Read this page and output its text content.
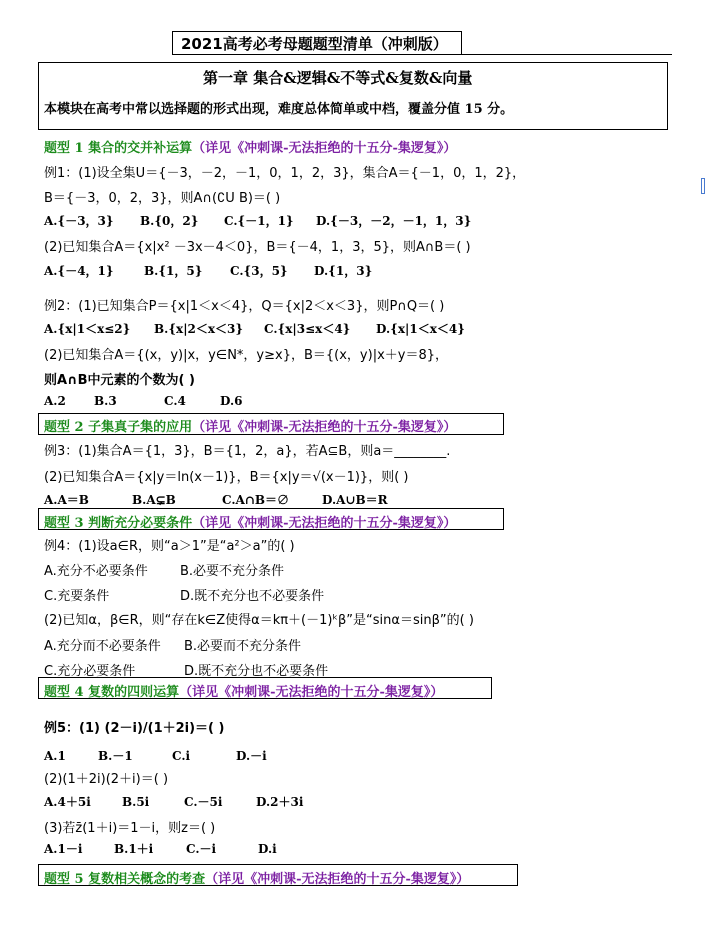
2021高考必考母题题型清单（冲刺版）
第一章 集合&逻辑&不等式&复数&向量
本模块在高考中常以选择题的形式出现，难度总体简单或中档，覆盖分值 15 分。
题型 1 集合的交并补运算（详见《冲刺课-无法拒绝的十五分-集逻复》）
例1：(1)设全集U＝{－3，－2，－1，0，1，2，3}，集合A＝{－1，0，1，2}，
B＝{－3，0，2，3}，则A∩(∁U B)＝( )
A.{－3，3} B.{0，2} C.{－1，1} D.{－3，－2，－1，1，3}
(2)已知集合A＝{x|x² －3x－4＜0}，B＝{－4，1，3，5}，则A∩B＝( )
A.{－4，1}	B.{1，5} C.{3，5} D.{1，3}
例2：(1)已知集合P＝{x|1＜x＜4}，Q＝{x|2＜x＜3}，则P∩Q＝( )
A.{x|1＜x≤2} B.{x|2＜x＜3} C.{x|3≤x＜4} D.{x|1＜x＜4}
(2)已知集合A＝{(x，y)|x，y∈N*，y≥x}，B＝{(x，y)|x＋y＝8}，
则A∩B中元素的个数为( )
A.2 B.3	C.4	D.6
题型 2 子集真子集的应用（详见《冲刺课-无法拒绝的十五分-集逻复》）
例3：(1)集合A＝{1，3}，B＝{1，2，a}，若A⊆B，则a＝________.
(2)已知集合A＝{x|y＝ln(x－1)}，B＝{x|y＝√(x－1)}，则( )
A.A＝B	B.A⊊B	C.A∩B＝∅	D.A∪B＝R
题型 3 判断充分必要条件（详见《冲刺课-无法拒绝的十五分-集逻复》）
例4：(1)设a∈R，则“a＞1”是“a²＞a”的( )
A.充分不必要条件 B.必要不充分条件
C.充要条件	D.既不充分也不必要条件
(2)已知α，β∈R，则“存在k∈Z使得α＝kπ＋(－1)ᵏβ”是“sinα＝sinβ”的( )
A.充分而不必要条件 B.必要而不充分条件
C.充分必要条件	D.既不充分也不必要条件
题型 4 复数的四则运算（详见《冲刺课-无法拒绝的十五分-集逻复》）
例5：(1) (2－i)/(1＋2i)＝( )
A.1	B.－1	C.i	D.－i
(2)(1＋2i)(2＋i)＝( )
A.4＋5i	B.5i	C.－5i	D.2＋3i
(3)若z̄(1＋i)＝1－i，则z＝( )
A.1－i	B.1＋i	C.－i	D.i
题型 5 复数相关概念的考查（详见《冲刺课-无法拒绝的十五分-集逻复》）
